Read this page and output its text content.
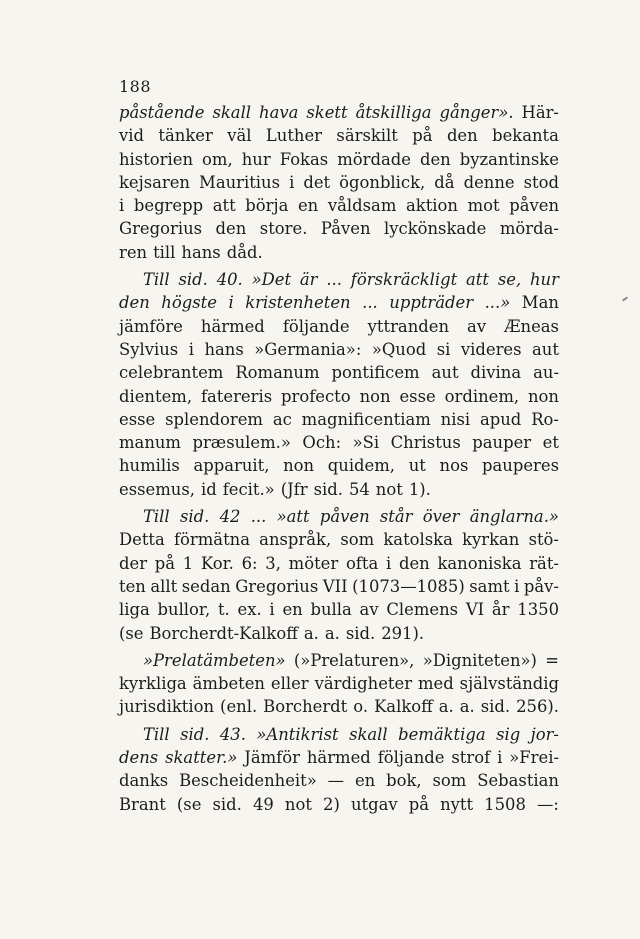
188
påstående skall hava skett åtskilliga gånger». Här-
vid tänker väl Luther särskilt på den bekanta
historien om, hur Fokas mördade den byzantinske
kejsaren Mauritius i det ögonblick, då denne stod
i begrepp att börja en våldsam aktion mot påven
Gregorius den store. Påven lyckönskade mörda-
ren till hans dåd.
Till sid. 40. »Det är ... förskräckligt att se, hur
den högste i kristenheten ... uppträder ...» Man
jämföre härmed följande yttranden av Æneas
Sylvius i hans »Germania»: »Quod si videres aut
celebrantem Romanum pontificem aut divina au-
dientem, fatereris profecto non esse ordinem, non
esse splendorem ac magnificentiam nisi apud Ro-
manum præsulem.» Och: »Si Christus pauper et
humilis apparuit, non quidem, ut nos pauperes
essemus, id fecit.» (Jfr sid. 54 not 1).
Till sid. 42 ... »att påven står över änglarna.»
Detta förmätna anspråk, som katolska kyrkan stö-
der på 1 Kor. 6: 3, möter ofta i den kanoniska rät-
ten allt sedan Gregorius VII (1073—1085) samt i påv-
liga bullor, t. ex. i en bulla av Clemens VI år 1350
(se Borcherdt-Kalkoff a. a. sid. 291).
»Prelatämbeten» (»Prelaturen», »Digniteten») =
kyrkliga ämbeten eller värdigheter med självständig
jurisdiktion (enl. Borcherdt o. Kalkoff a. a. sid. 256).
Till sid. 43. »Antikrist skall bemäktiga sig jor-
dens skatter.» Jämför härmed följande strof i »Frei-
danks Bescheidenheit» — en bok, som Sebastian
Brant (se sid. 49 not 2) utgav på nytt 1508 —:
